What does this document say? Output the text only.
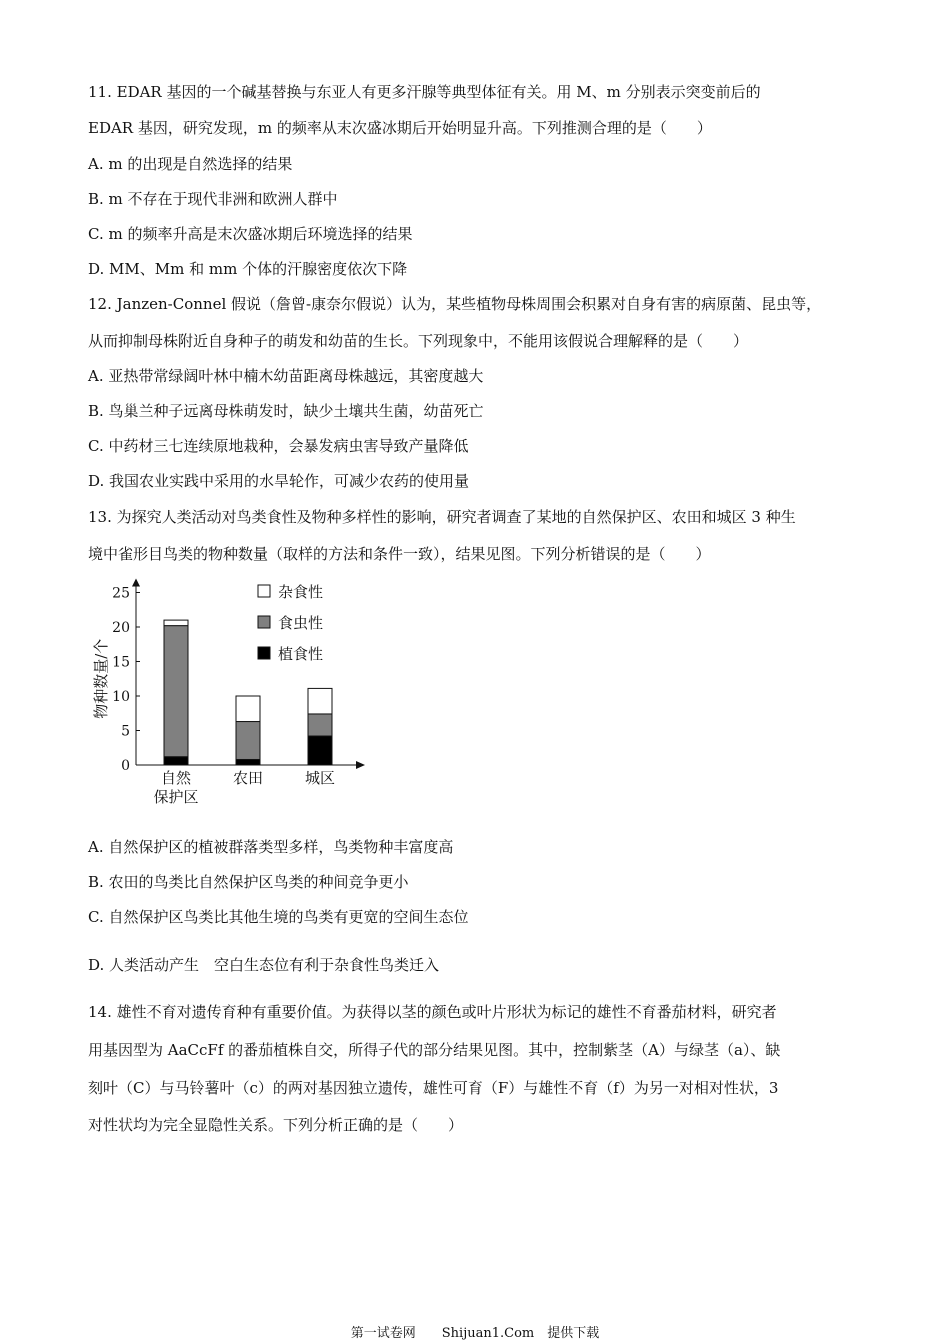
11. EDAR 基因的一个碱基替换与东亚人有更多汗腺等典型体征有关。用 M、m 分别表示突变前后的
EDAR 基因，研究发现，m 的频率从末次盛冰期后开始明显升高。下列推测合理的是（　　）
A. m 的出现是自然选择的结果
B. m 不存在于现代非洲和欧洲人群中
C. m 的频率升高是末次盛冰期后环境选择的结果
D. MM、Mm 和 mm 个体的汗腺密度依次下降
12. Janzen-Connel 假说（詹曾-康奈尔假说）认为，某些植物母株周围会积累对自身有害的病原菌、昆虫等，
从而抑制母株附近自身种子的萌发和幼苗的生长。下列现象中，不能用该假说合理解释的是（　　）
A. 亚热带常绿阔叶林中楠木幼苗距离母株越远，其密度越大
B. 鸟巢兰种子远离母株萌发时，缺少土壤共生菌，幼苗死亡
C. 中药材三七连续原地栽种，会暴发病虫害导致产量降低
D. 我国农业实践中采用的水旱轮作，可减少农药的使用量
13. 为探究人类活动对鸟类食性及物种多样性的影响，研究者调查了某地的自然保护区、农田和城区 3 种生
境中雀形目鸟类的物种数量（取样的方法和条件一致），结果见图。下列分析错误的是（　　）
0
5
10
15
20
25
物种数量/个
自然
保护区
农田	城区
杂食性
食虫性
植食性
A. 自然保护区的植被群落类型多样，鸟类物种丰富度高
B. 农田的鸟类比自然保护区鸟类的种间竞争更小
C. 自然保护区鸟类比其他生境的鸟类有更宽的空间生态位
D. 人类活动产生　空白生态位有利于杂食性鸟类迁入
14. 雄性不育对遗传育种有重要价值。为获得以茎的颜色或叶片形状为标记的雄性不育番茄材料，研究者
用基因型为 AaCcFf 的番茄植株自交，所得子代的部分结果见图。其中，控制紫茎（A）与绿茎（a）、缺
刻叶（C）与马铃薯叶（c）的两对基因独立遗传，雄性可育（F）与雄性不育（f）为另一对相对性状，3
对性状均为完全显隐性关系。下列分析正确的是（　　）
第一试卷网　　Shijuan1.Com　提供下载
